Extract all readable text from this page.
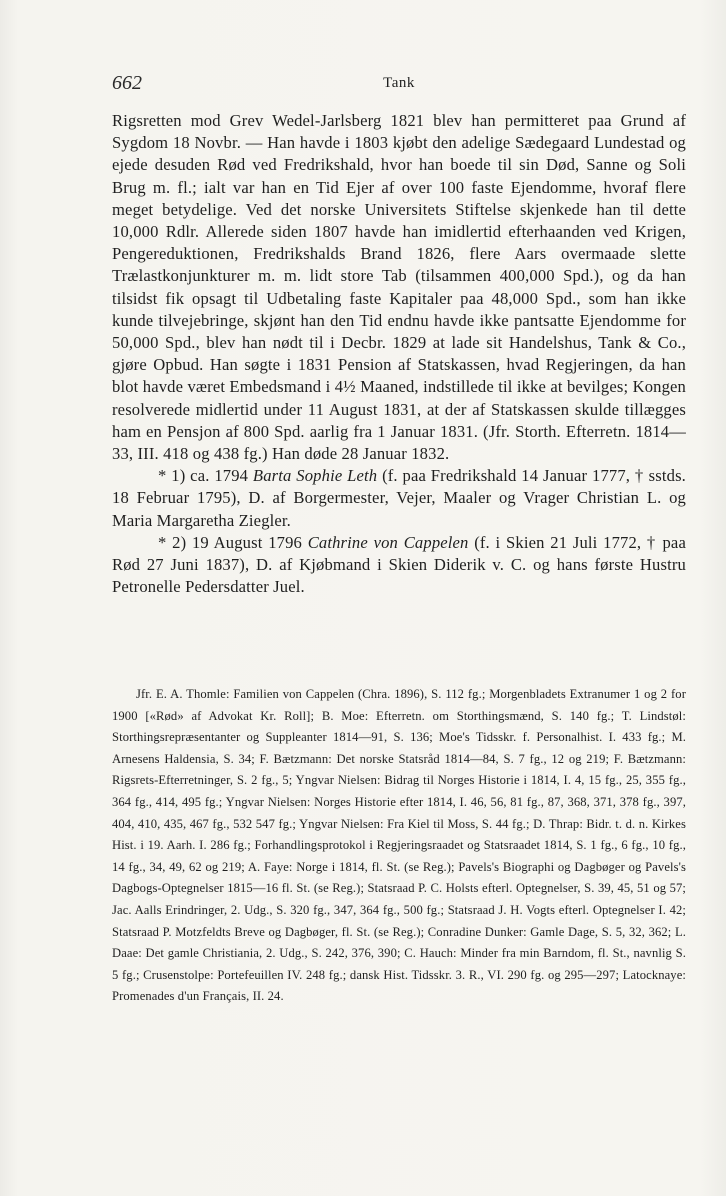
662	Tank

Rigsretten mod Grev Wedel-Jarlsberg 1821 blev han permitteret paa Grund af Sygdom 18 Novbr. — Han havde i 1803 kjøbt den adelige Sædegaard Lundestad og ejede desuden Rød ved Fredrikshald, hvor han boede til sin Død, Sanne og Soli Brug m. fl.; ialt var han en Tid Ejer af over 100 faste Ejendomme, hvoraf flere meget betydelige. Ved det norske Universitets Stiftelse skjenkede han til dette 10,000 Rdlr. Allerede siden 1807 havde han imidlertid efterhaanden ved Krigen, Pengereduktionen, Fredrikshalds Brand 1826, flere Aars overmaade slette Trælastkonjunkturer m. m. lidt store Tab (tilsammen 400,000 Spd.), og da han tilsidst fik opsagt til Udbetaling faste Kapitaler paa 48,000 Spd., som han ikke kunde tilvejebringe, skjønt han den Tid endnu havde ikke pantsatte Ejendomme for 50,000 Spd., blev han nødt til i Decbr. 1829 at lade sit Handelshus, Tank & Co., gjøre Opbud. Han søgte i 1831 Pension af Statskassen, hvad Regjeringen, da han blot havde været Embedsmand i 4½ Maaned, indstillede til ikke at bevilges; Kongen resolverede midlertid under 11 August 1831, at der af Statskassen skulde tillægges ham en Pensjon af 800 Spd. aarlig fra 1 Januar 1831. (Jfr. Storth. Efterretn. 1814—33, III. 418 og 438 fg.) Han døde 28 Januar 1832.

* 1) ca. 1794 Barta Sophie Leth (f. paa Fredrikshald 14 Januar 1777, † sstds. 18 Februar 1795), D. af Borgermester, Vejer, Maaler og Vrager Christian L. og Maria Margaretha Ziegler.

* 2) 19 August 1796 Cathrine von Cappelen (f. i Skien 21 Juli 1772, † paa Rød 27 Juni 1837), D. af Kjøbmand i Skien Diderik v. C. og hans første Hustru Petronelle Pedersdatter Juel.

Jfr. E. A. Thomle: Familien von Cappelen (Chra. 1896), S. 112 fg.; Morgenbladets Extranumer 1 og 2 for 1900 [«Rød» af Advokat Kr. Roll]; B. Moe: Efterretn. om Storthingsmænd, S. 140 fg.; T. Lindstøl: Storthingsrepræsentanter og Suppleanter 1814—91, S. 136; Moe's Tidsskr. f. Personalhist. I. 433 fg.; M. Arnesens Haldensia, S. 34; F. Bætzmann: Det norske Statsråd 1814—84, S. 7 fg., 12 og 219; F. Bætzmann: Rigsrets-Efterretninger, S. 2 fg., 5; Yngvar Nielsen: Bidrag til Norges Historie i 1814, I. 4, 15 fg., 25, 355 fg., 364 fg., 414, 495 fg.; Yngvar Nielsen: Norges Historie efter 1814, I. 46, 56, 81 fg., 87, 368, 371, 378 fg., 397, 404, 410, 435, 467 fg., 532 547 fg.; Yngvar Nielsen: Fra Kiel til Moss, S. 44 fg.; D. Thrap: Bidr. t. d. n. Kirkes Hist. i 19. Aarh. I. 286 fg.; Forhandlingsprotokol i Regjeringsraadet og Statsraadet 1814, S. 1 fg., 6 fg., 10 fg., 14 fg., 34, 49, 62 og 219; A. Faye: Norge i 1814, fl. St. (se Reg.); Pavels's Biographi og Dagbøger og Pavels's Dagbogs-Optegnelser 1815—16 fl. St. (se Reg.); Statsraad P. C. Holsts efterl. Optegnelser, S. 39, 45, 51 og 57; Jac. Aalls Erindringer, 2. Udg., S. 320 fg., 347, 364 fg., 500 fg.; Statsraad J. H. Vogts efterl. Optegnelser I. 42; Statsraad P. Motzfeldts Breve og Dagbøger, fl. St. (se Reg.); Conradine Dunker: Gamle Dage, S. 5, 32, 362; L. Daae: Det gamle Christiania, 2. Udg., S. 242, 376, 390; C. Hauch: Minder fra min Barndom, fl. St., navnlig S. 5 fg.; Crusenstolpe: Portefeuillen IV. 248 fg.; dansk Hist. Tidsskr. 3. R., VI. 290 fg. og 295—297; Latocknaye: Promenades d'un Français, II. 24.
